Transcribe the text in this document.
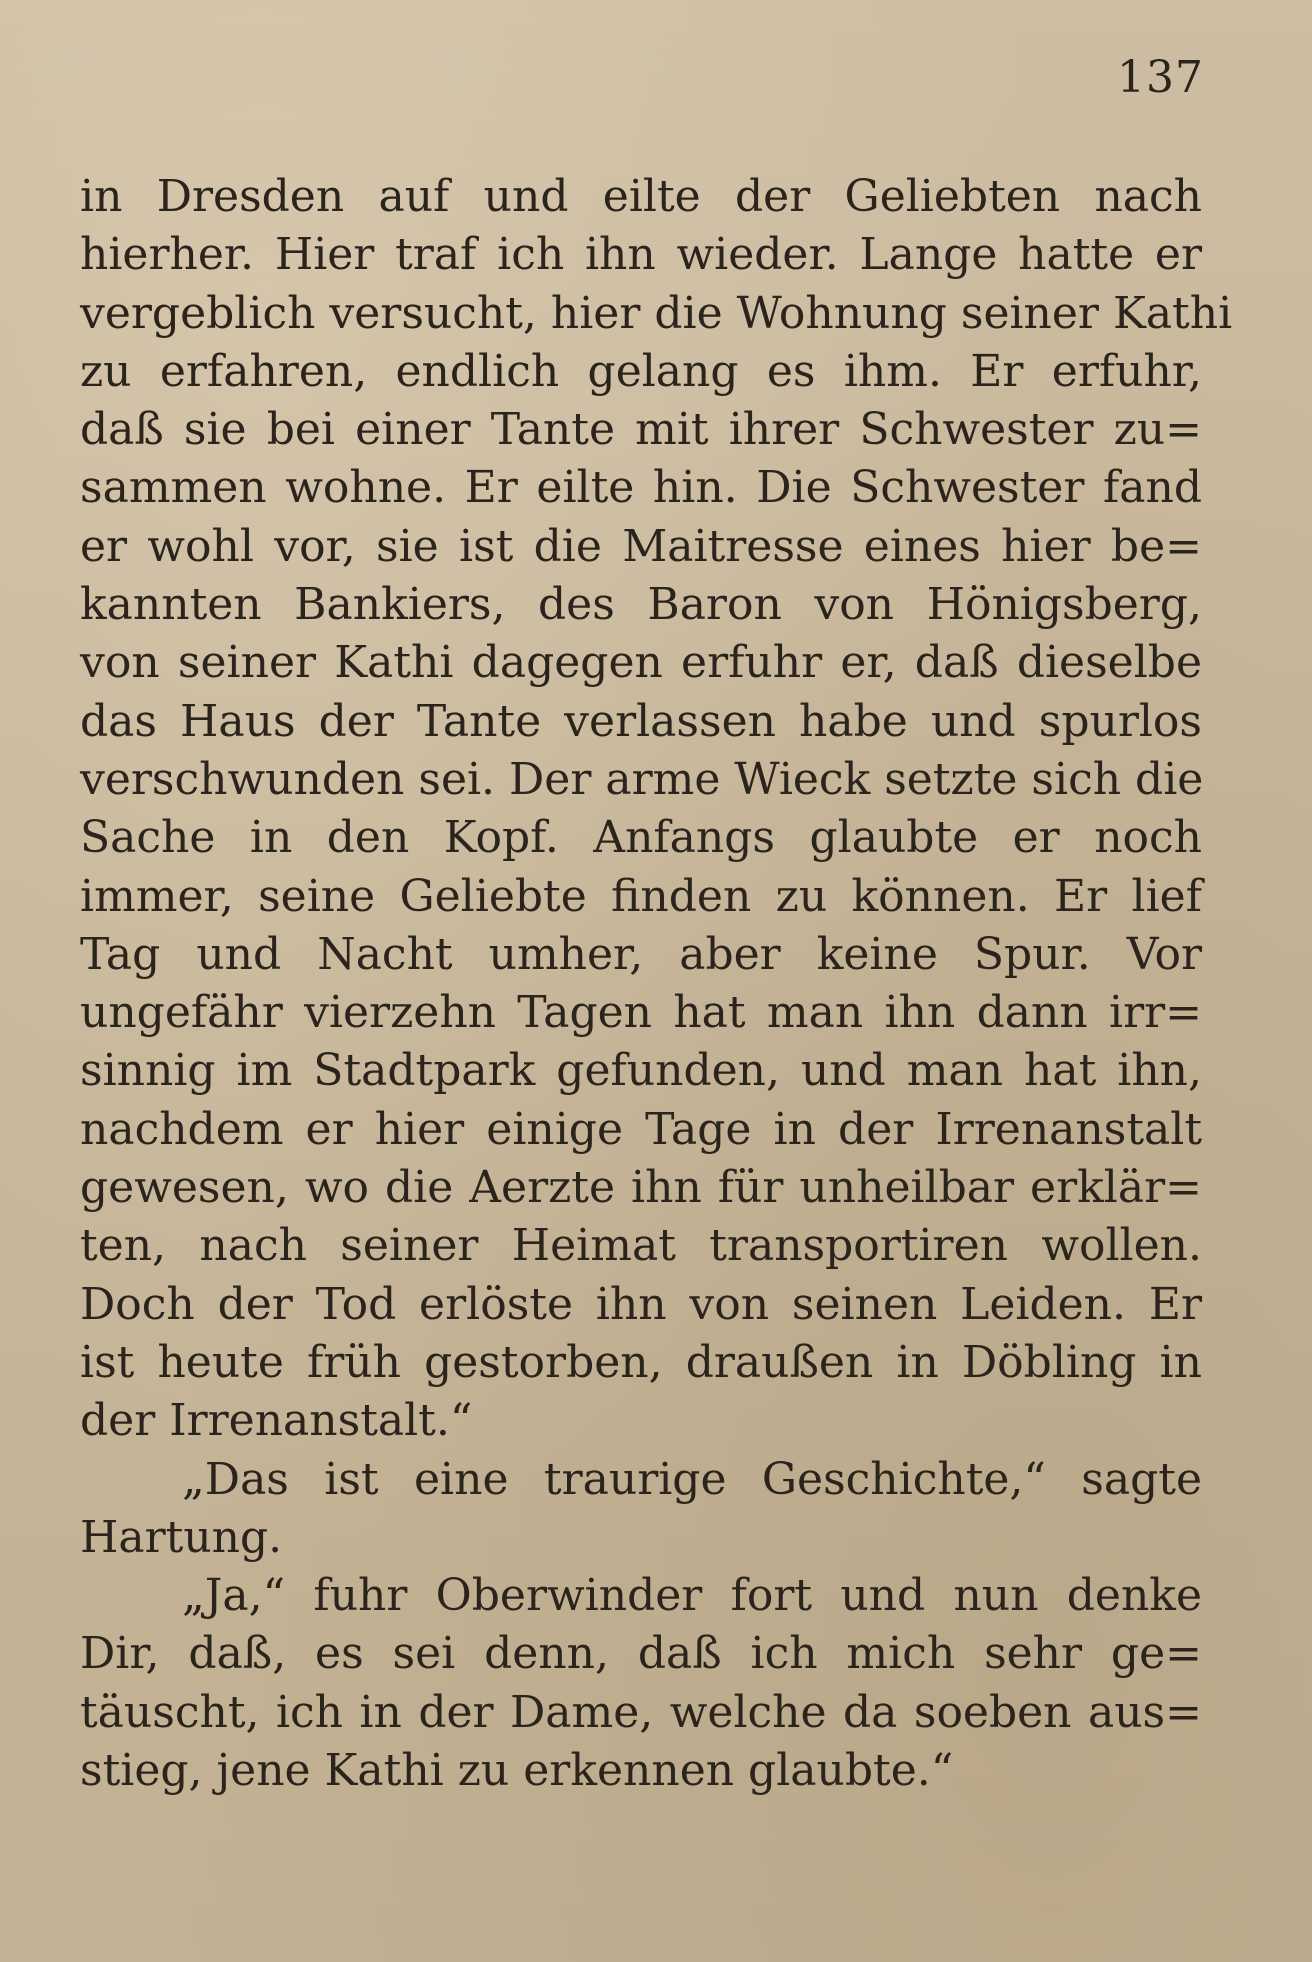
137
in Dresden auf und eilte der Geliebten nach
hierher. Hier traf ich ihn wieder. Lange hatte er
vergeblich versucht, hier die Wohnung seiner Kathi
zu erfahren, endlich gelang es ihm. Er erfuhr,
daß sie bei einer Tante mit ihrer Schwester zu=
sammen wohne. Er eilte hin. Die Schwester fand
er wohl vor, sie ist die Maitresse eines hier be=
kannten Bankiers, des Baron von Hönigsberg,
von seiner Kathi dagegen erfuhr er, daß dieselbe
das Haus der Tante verlassen habe und spurlos
verschwunden sei. Der arme Wieck setzte sich die
Sache in den Kopf. Anfangs glaubte er noch
immer, seine Geliebte finden zu können. Er lief
Tag und Nacht umher, aber keine Spur. Vor
ungefähr vierzehn Tagen hat man ihn dann irr=
sinnig im Stadtpark gefunden, und man hat ihn,
nachdem er hier einige Tage in der Irrenanstalt
gewesen, wo die Aerzte ihn für unheilbar erklär=
ten, nach seiner Heimat transportiren wollen.
Doch der Tod erlöste ihn von seinen Leiden. Er
ist heute früh gestorben, draußen in Döbling in
der Irrenanstalt.“
„Das ist eine traurige Geschichte,“ sagte
Hartung.
„Ja,“ fuhr Oberwinder fort und nun denke
Dir, daß, es sei denn, daß ich mich sehr ge=
täuscht, ich in der Dame, welche da soeben aus=
stieg, jene Kathi zu erkennen glaubte.“
